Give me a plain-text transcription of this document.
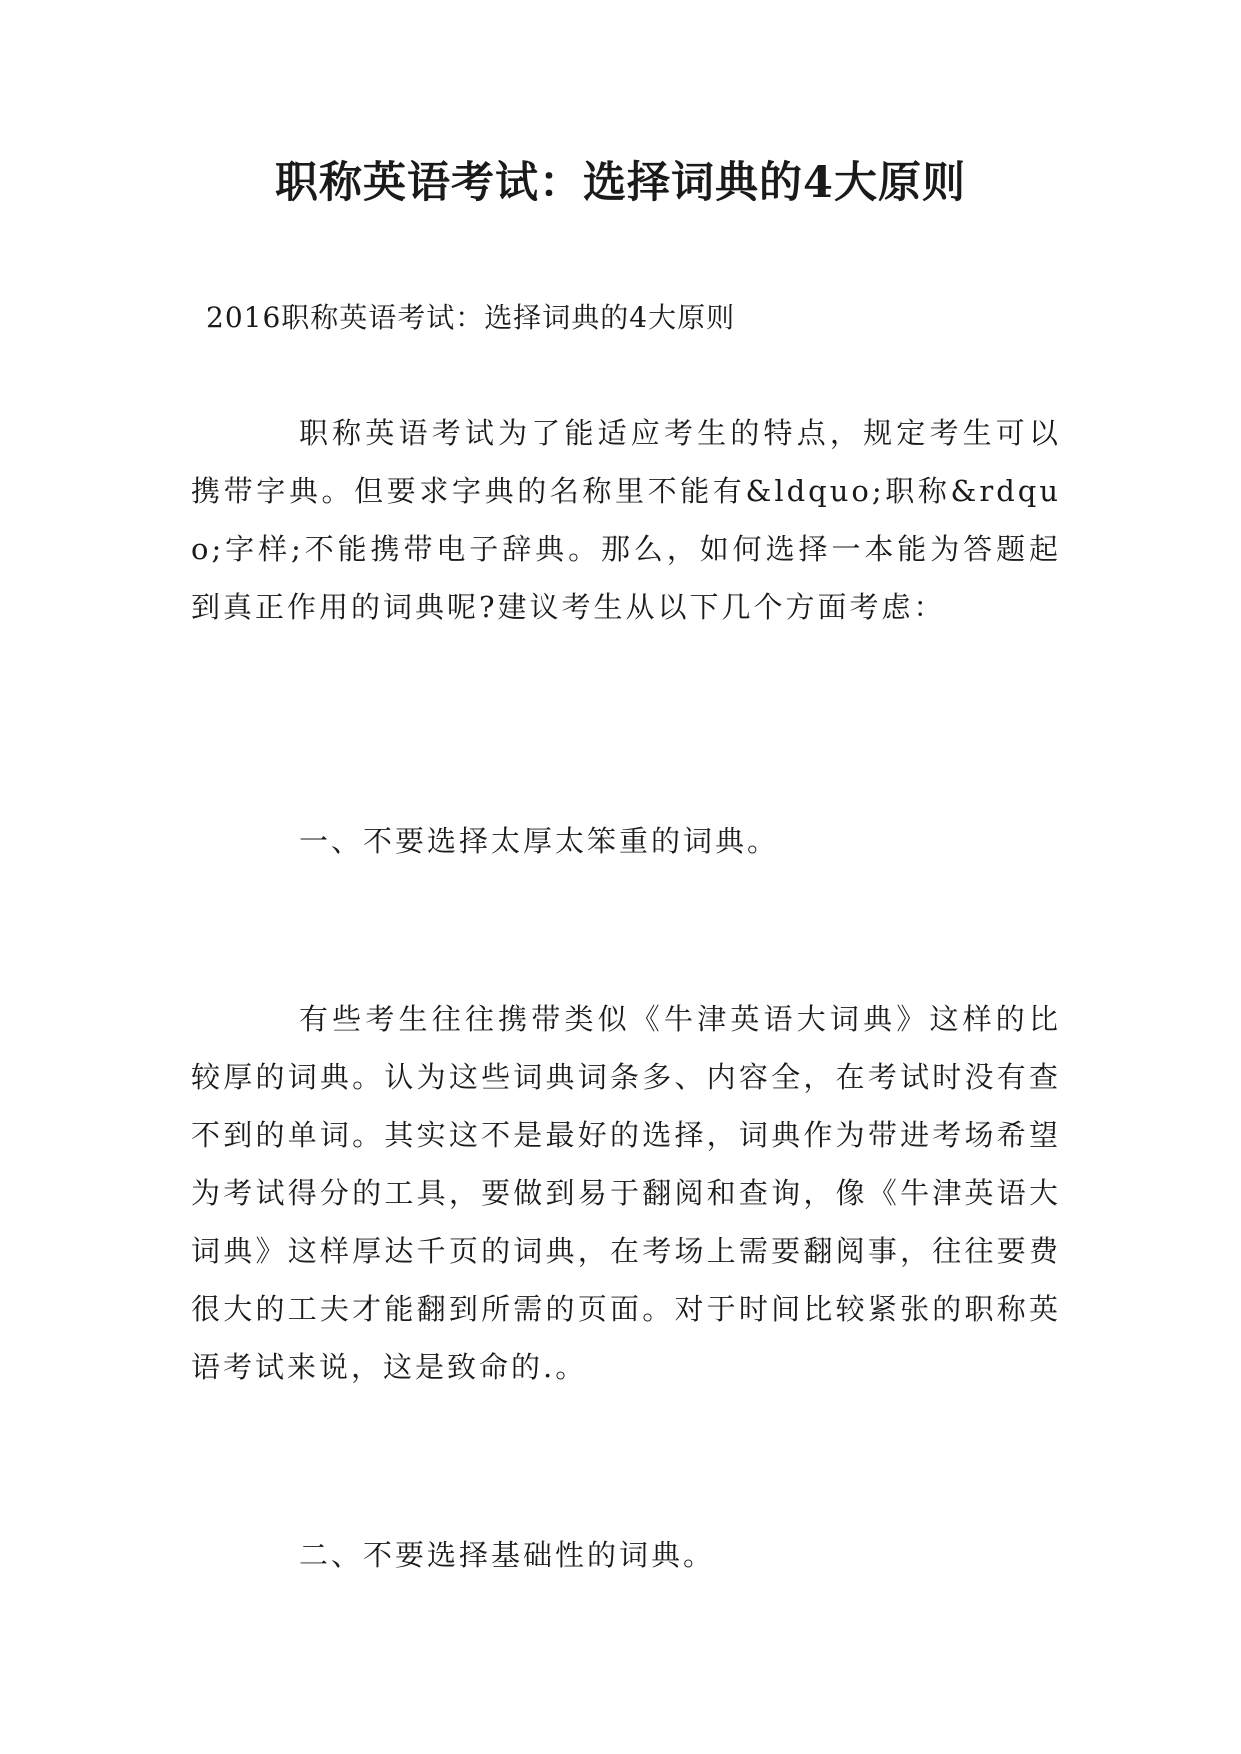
职称英语考试：选择词典的4大原则

2016职称英语考试：选择词典的4大原则

职称英语考试为了能适应考生的特点，规定考生可以携带字典。但要求字典的名称里不能有&ldquo;职称&rdquo;字样;不能携带电子辞典。那么，如何选择一本能为答题起到真正作用的词典呢?建议考生从以下几个方面考虑：

一、不要选择太厚太笨重的词典。

有些考生往往携带类似《牛津英语大词典》这样的比较厚的词典。认为这些词典词条多、内容全，在考试时没有查不到的单词。其实这不是最好的选择，词典作为带进考场希望为考试得分的工具，要做到易于翻阅和查询，像《牛津英语大词典》这样厚达千页的词典，在考场上需要翻阅事，往往要费很大的工夫才能翻到所需的页面。对于时间比较紧张的职称英语考试来说，这是致命的.。

二、不要选择基础性的词典。
